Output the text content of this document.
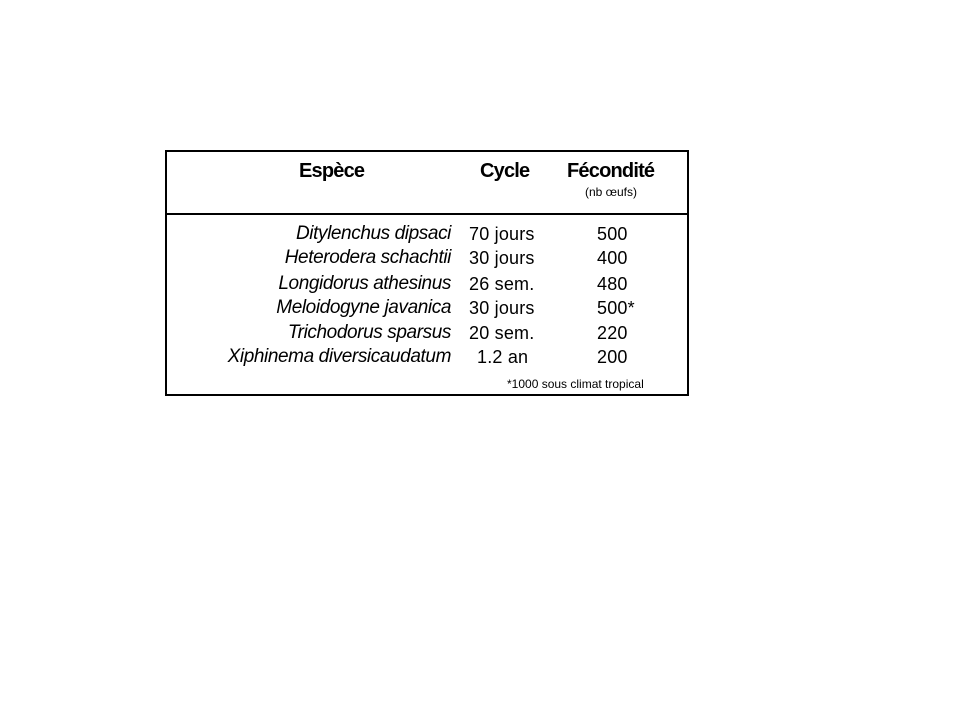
Espèce	Cycle Fécondité
(nb œufs)
Ditylenchus dipsaci 70 jours	500
Heterodera schachtii 30 jours	400
Longidorus athesinus 26 sem.	480
Meloidogyne javanica 30 jours	500*
Trichodorus sparsus 20 sem.	220
Xiphinema diversicaudatum 1.2 an	200
*1000 sous climat tropical
